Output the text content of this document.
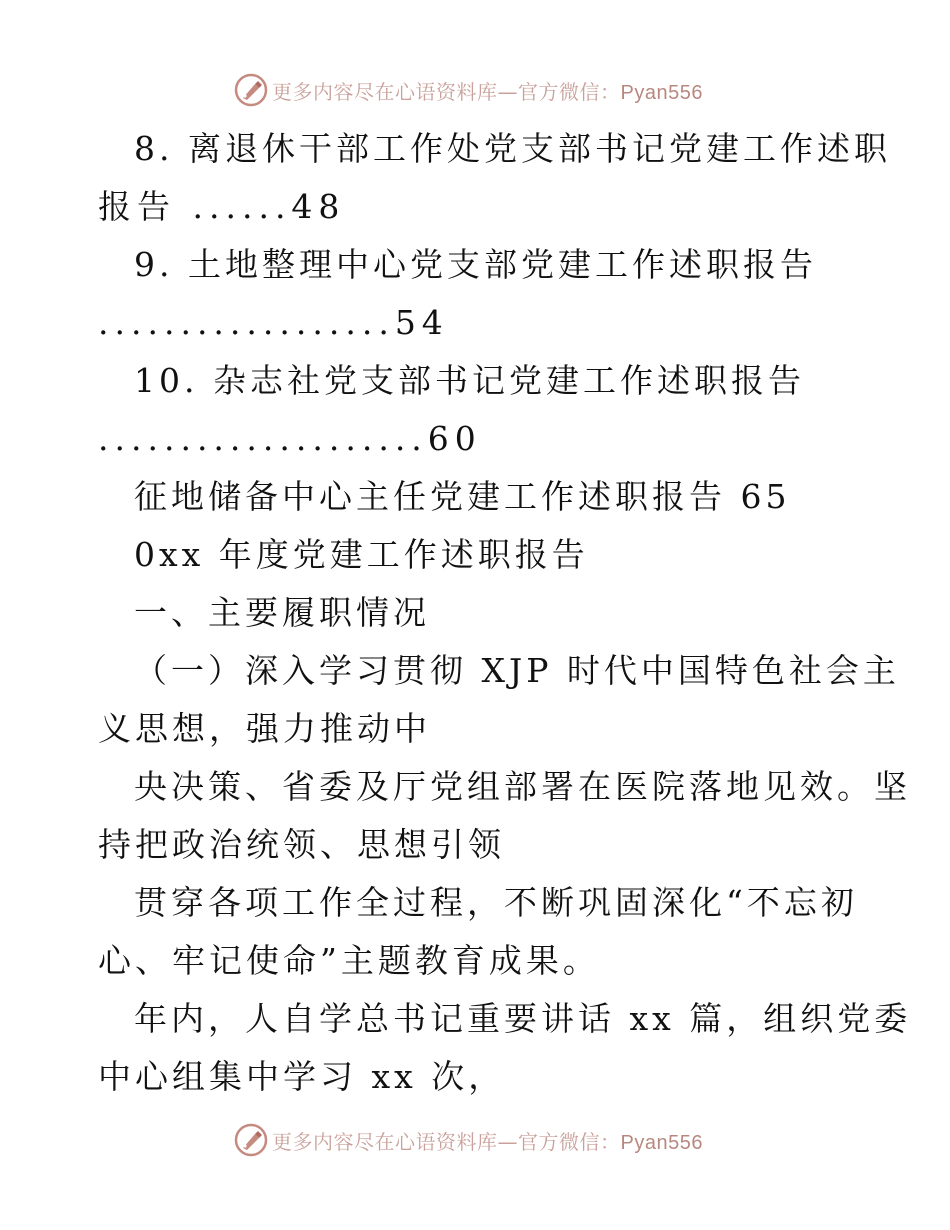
更多内容尽在心语资料库—官方微信：Pyan556
8. 离退休干部工作处党支部书记党建工作述职
报告 ......48
9. 土地整理中心党支部党建工作述职报告
..................54
10. 杂志社党支部书记党建工作述职报告
....................60
征地储备中心主任党建工作述职报告 65
0xx 年度党建工作述职报告
一、主要履职情况
（一）深入学习贯彻 XJP 时代中国特色社会主
义思想，强力推动中
央决策、省委及厅党组部署在医院落地见效。坚
持把政治统领、思想引领
贯穿各项工作全过程，不断巩固深化“不忘初
心、牢记使命”主题教育成果。
年内，人自学总书记重要讲话 xx 篇，组织党委
中心组集中学习 xx 次，
更多内容尽在心语资料库—官方微信：Pyan556
